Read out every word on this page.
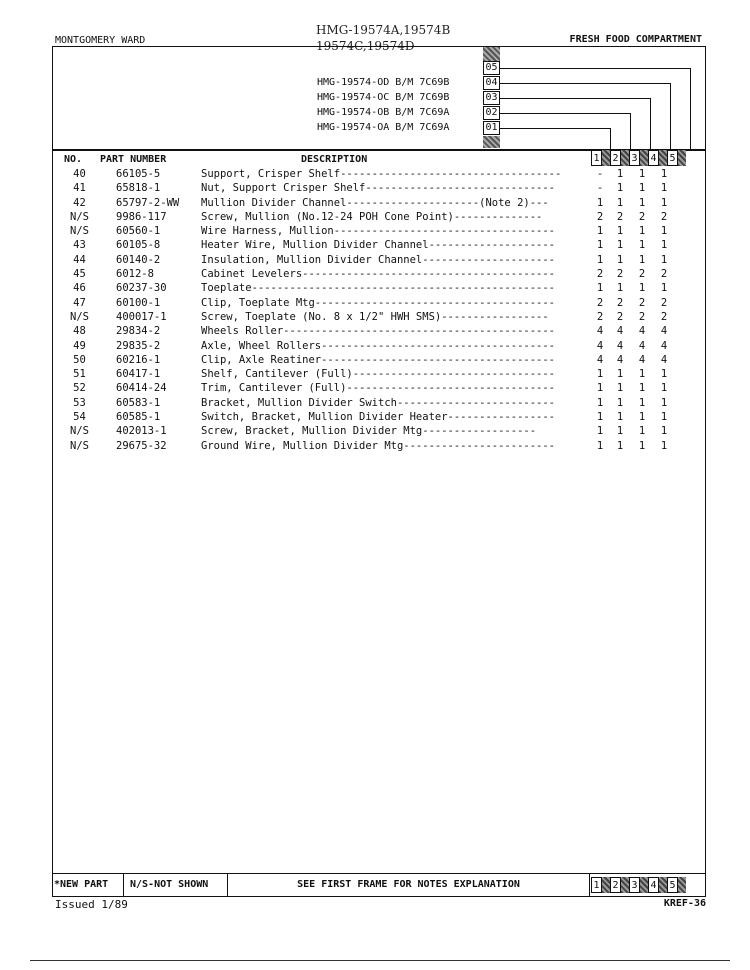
MONTGOMERY WARD
HMG-19574A,19574B
19574C,19574D	FRESH FOOD COMPARTMENT
05
HMG-19574-OD B/M 7C69B	04
HMG-19574-OC B/M 7C69B	03
HMG-19574-OB B/M 7C69A	02
HMG-19574-OA B/M 7C69A	01
NO. PART NUMBER	DESCRIPTION	1 2 3 4 5
40	66105-5	Support, Crisper Shelf-----------------------------------	- 1 1 1
41	65818-1	Nut, Support Crisper Shelf------------------------------	- 1 1 1
42	65797-2-WW Mullion Divider Channel---------------------(Note 2)---	1 1 1 1
N/S	9986-117	Screw, Mullion (No.12-24 POH Cone Point)--------------	2 2 2 2
N/S	60560-1	Wire Harness, Mullion-----------------------------------	1 1 1 1
43	60105-8	Heater Wire, Mullion Divider Channel--------------------	1 1 1 1
44	60140-2	Insulation, Mullion Divider Channel---------------------	1 1 1 1
45	6012-8	Cabinet Levelers----------------------------------------	2 2 2 2
46	60237-30	Toeplate------------------------------------------------	1 1 1 1
47	60100-1	Clip, Toeplate Mtg--------------------------------------	2 2 2 2
N/S	400017-1	Screw, Toeplate (No. 8 x 1/2" HWH SMS)-----------------	2 2 2 2
48	29834-2	Wheels Roller-------------------------------------------	4 4 4 4
49	29835-2	Axle, Wheel Rollers-------------------------------------	4 4 4 4
50	60216-1	Clip, Axle Reatiner-------------------------------------	4 4 4 4
51	60417-1	Shelf, Cantilever (Full)--------------------------------	1 1 1 1
52	60414-24	Trim, Cantilever (Full)---------------------------------	1 1 1 1
53	60583-1	Bracket, Mullion Divider Switch-------------------------	1 1 1 1
54	60585-1	Switch, Bracket, Mullion Divider Heater-----------------	1 1 1 1
N/S	402013-1	Screw, Bracket, Mullion Divider Mtg------------------	1 1 1 1
N/S	29675-32	Ground Wire, Mullion Divider Mtg------------------------	1 1 1 1
*NEW PART	N/S-NOT SHOWN	SEE FIRST FRAME FOR NOTES EXPLANATION	1 2 3 4 5
Issued 1/89	KREF-36
